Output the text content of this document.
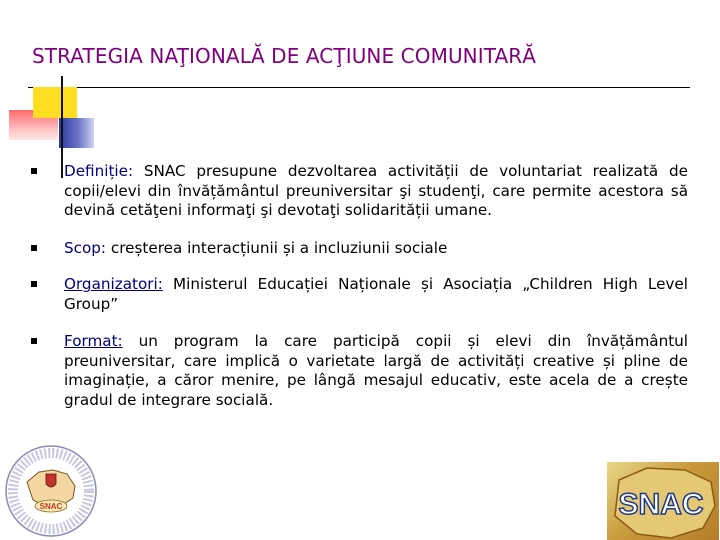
STRATEGIA NAŢIONALĂ DE ACŢIUNE COMUNITARĂ
Definiție: SNAC presupune dezvoltarea activității de voluntariat realizată de copii/elevi din învățământul preuniversitar şi studenţi, care permite acestora să devină cetăţeni informaţi şi devotaţi solidarității umane.
Scop: creșterea interacțiunii și a incluziunii sociale
Organizatori: Ministerul Educației Naționale și Asociația „Children High Level Group”
Format: un program la care participă copii și elevi din învățământul preuniversitar, care implică o varietate largă de activități creative și pline de imaginație, a căror menire, pe lângă mesajul educativ, este acela de a crește gradul de integrare socială.
SNAC	SNAC
